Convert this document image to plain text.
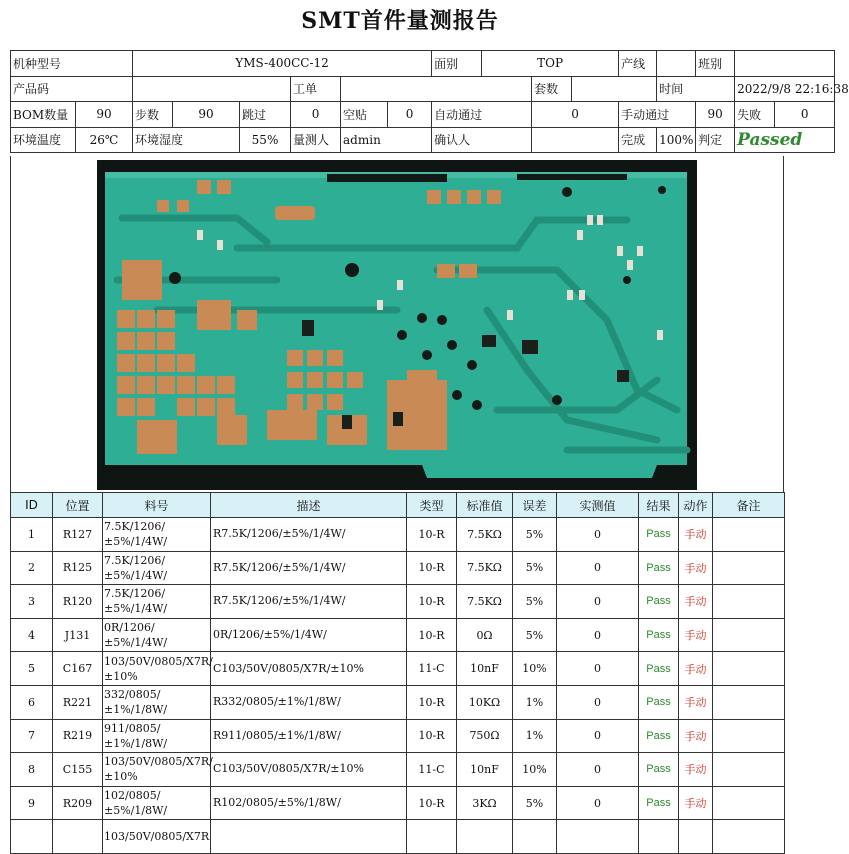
SMT首件量测报告
机种型号		YMS-400CC-12						面别	TOP			产线		班别		
产品码					工单					套数			时间		2022/9/8 22:16:38	
BOM数量	90	步数	90	跳过	0	空贴	0	自动通过		0		手动通过		90	失败	0
环境温度	26℃	环境湿度		55%	量测人	admin		确认人				完成	100%	判定	Passed	
ID	位置	料号	描述	类型	标准值	误差	实测值	结果	动作	备注
1	R127	7.5K/1206/±5%/1/4W/	R7.5K/1206/±5%/1/4W/	10-R	7.5KΩ	5%	0	Pass	手动	
2	R125	7.5K/1206/±5%/1/4W/	R7.5K/1206/±5%/1/4W/	10-R	7.5KΩ	5%	0	Pass	手动	
3	R120	7.5K/1206/±5%/1/4W/	R7.5K/1206/±5%/1/4W/	10-R	7.5KΩ	5%	0	Pass	手动	
4	J131	0R/1206/±5%/1/4W/	0R/1206/±5%/1/4W/	10-R	0Ω	5%	0	Pass	手动	
5	C167	103/50V/0805/X7R/±10%	C103/50V/0805/X7R/±10%	11-C	10nF	10%	0	Pass	手动	
6	R221	332/0805/±1%/1/8W/	R332/0805/±1%/1/8W/	10-R	10KΩ	1%	0	Pass	手动	
7	R219	911/0805/±1%/1/8W/	R911/0805/±1%/1/8W/	10-R	750Ω	1%	0	Pass	手动	
8	C155	103/50V/0805/X7R/±10%	C103/50V/0805/X7R/±10%	11-C	10nF	10%	0	Pass	手动	
9	R209	102/0805/±5%/1/8W/	R102/0805/±5%/1/8W/	10-R	3KΩ	5%	0	Pass	手动	
		103/50V/0805/X7R								
